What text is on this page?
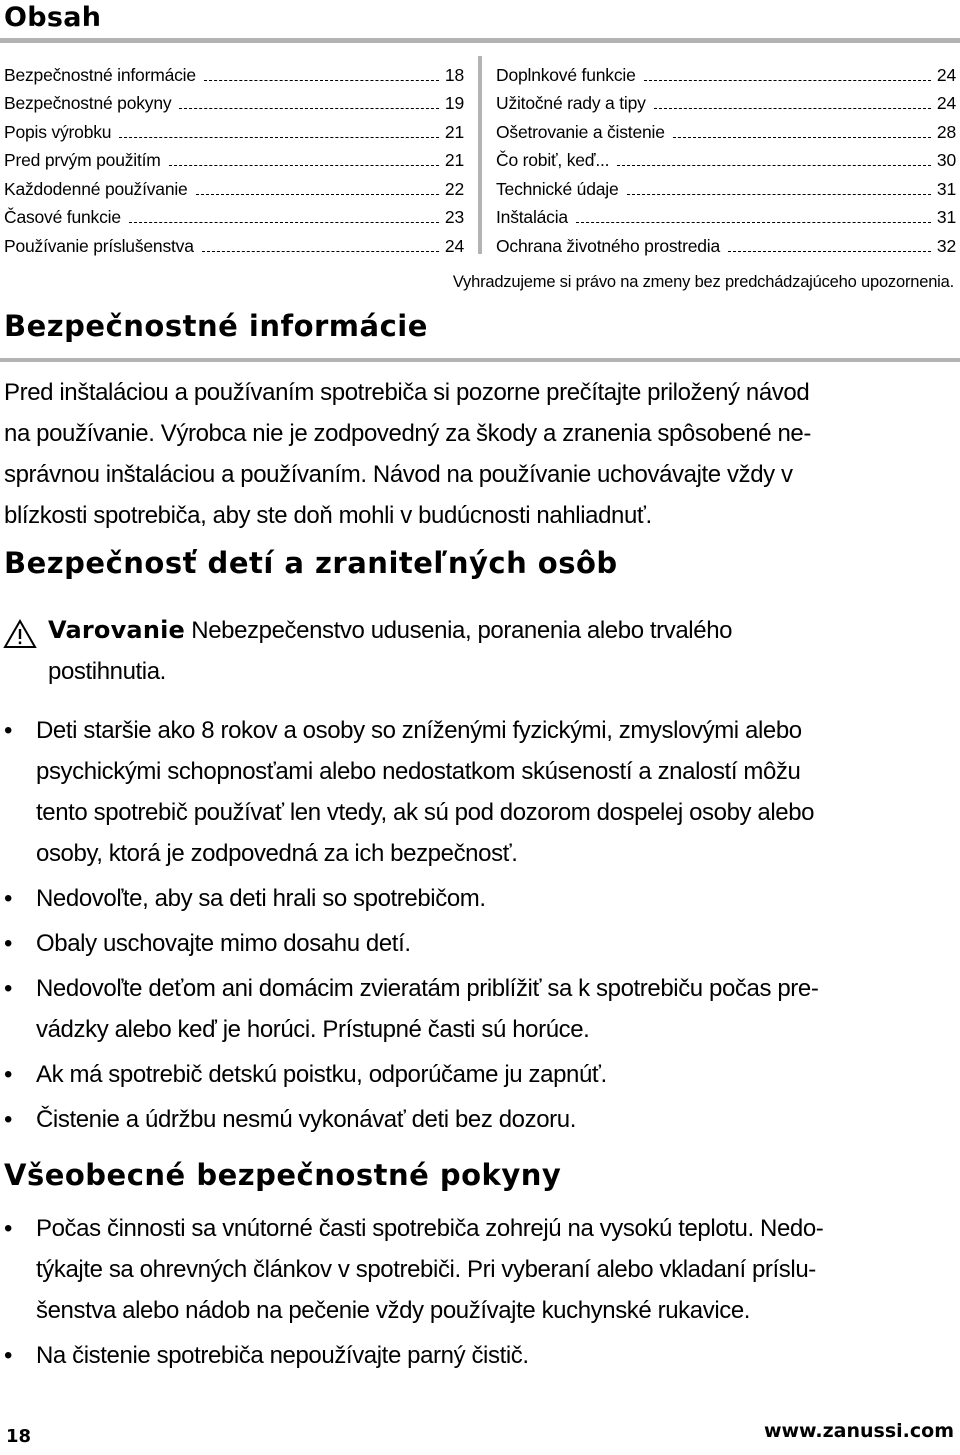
Obsah
Bezpečnostné informácie	18
Bezpečnostné pokyny	19
Popis výrobku	21
Pred prvým použitím	21
Každodenné používanie	22
Časové funkcie	23
Používanie príslušenstva	24
Doplnkové funkcie	24
Užitočné rady a tipy	24
Ošetrovanie a čistenie	28
Čo robiť, keď...	30
Technické údaje	31
Inštalácia	31
Ochrana životného prostredia	32
Vyhradzujeme si právo na zmeny bez predchádzajúceho upozornenia.
Bezpečnostné informácie
Pred inštaláciou a používaním spotrebiča si pozorne prečítajte priložený návod
na používanie. Výrobca nie je zodpovedný za škody a zranenia spôsobené ne-
správnou inštaláciou a používaním. Návod na používanie uchovávajte vždy v
blízkosti spotrebiča, aby ste doň mohli v budúcnosti nahliadnuť.
Bezpečnosť detí a zraniteľných osôb
Varovanie Nebezpečenstvo udusenia, poranenia alebo trvalého
postihnutia.
• Deti staršie ako 8 rokov a osoby so zníženými fyzickými, zmyslovými alebo
psychickými schopnosťami alebo nedostatkom skúseností a znalostí môžu
tento spotrebič používať len vtedy, ak sú pod dozorom dospelej osoby alebo
osoby, ktorá je zodpovedná za ich bezpečnosť.
• Nedovoľte, aby sa deti hrali so spotrebičom.
• Obaly uschovajte mimo dosahu detí.
• Nedovoľte deťom ani domácim zvieratám priblížiť sa k spotrebiču počas pre-
vádzky alebo keď je horúci. Prístupné časti sú horúce.
• Ak má spotrebič detskú poistku, odporúčame ju zapnúť.
• Čistenie a údržbu nesmú vykonávať deti bez dozoru.
Všeobecné bezpečnostné pokyny
• Počas činnosti sa vnútorné časti spotrebiča zohrejú na vysokú teplotu. Nedo-
týkajte sa ohrevných článkov v spotrebiči. Pri vyberaní alebo vkladaní príslu-
šenstva alebo nádob na pečenie vždy používajte kuchynské rukavice.
• Na čistenie spotrebiča nepoužívajte parný čistič.
18	www.zanussi.com
